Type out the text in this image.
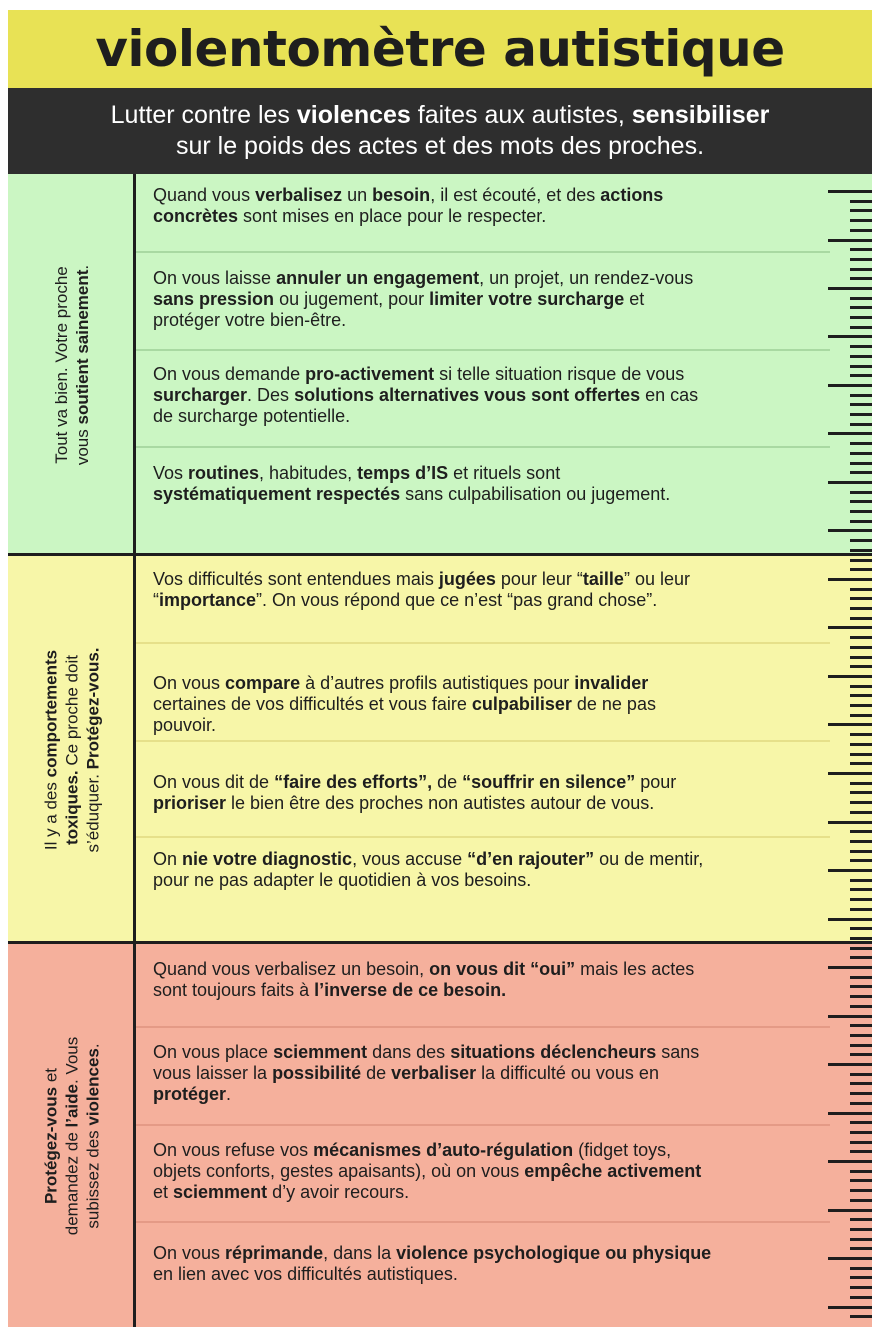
violentomètre autistique
Lutter contre les violences faites aux autistes, sensibiliser
sur le poids des actes et des mots des proches.
Tout va bien. Votre proche vous soutient sainement.
Il y a des comportements
toxiques. Ce proche doit
s’éduquer. Protégez-vous.
Protégez-vous et
demandez de l’aide. Vous
subissez des violences.
Quand vous verbalisez un besoin, il est écouté, et des actions
concrètes sont mises en place pour le respecter.
On vous laisse annuler un engagement, un projet, un rendez-vous
sans pression ou jugement, pour limiter votre surcharge et
protéger votre bien-être.
On vous demande pro-activement si telle situation risque de vous
surcharger. Des solutions alternatives vous sont offertes en cas
de surcharge potentielle.
Vos routines, habitudes, temps d’IS et rituels sont
systématiquement respectés sans culpabilisation ou jugement.
Vos difficultés sont entendues mais jugées pour leur “taille” ou leur
“importance”. On vous répond que ce n’est “pas grand chose”.
On vous compare à d’autres profils autistiques pour invalider
certaines de vos difficultés et vous faire culpabiliser de ne pas
pouvoir.
On vous dit de “faire des efforts”, de “souffrir en silence” pour
prioriser le bien être des proches non autistes autour de vous.
On nie votre diagnostic, vous accuse “d’en rajouter” ou de mentir,
pour ne pas adapter le quotidien à vos besoins.
Quand vous verbalisez un besoin, on vous dit “oui” mais les actes
sont toujours faits à l’inverse de ce besoin.
On vous place sciemment dans des situations déclencheurs sans
vous laisser la possibilité de verbaliser la difficulté ou vous en
protéger.
On vous refuse vos mécanismes d’auto-régulation (fidget toys,
objets conforts, gestes apaisants), où on vous empêche activement
et sciemment d’y avoir recours.
On vous réprimande, dans la violence psychologique ou physique
en lien avec vos difficultés autistiques.
